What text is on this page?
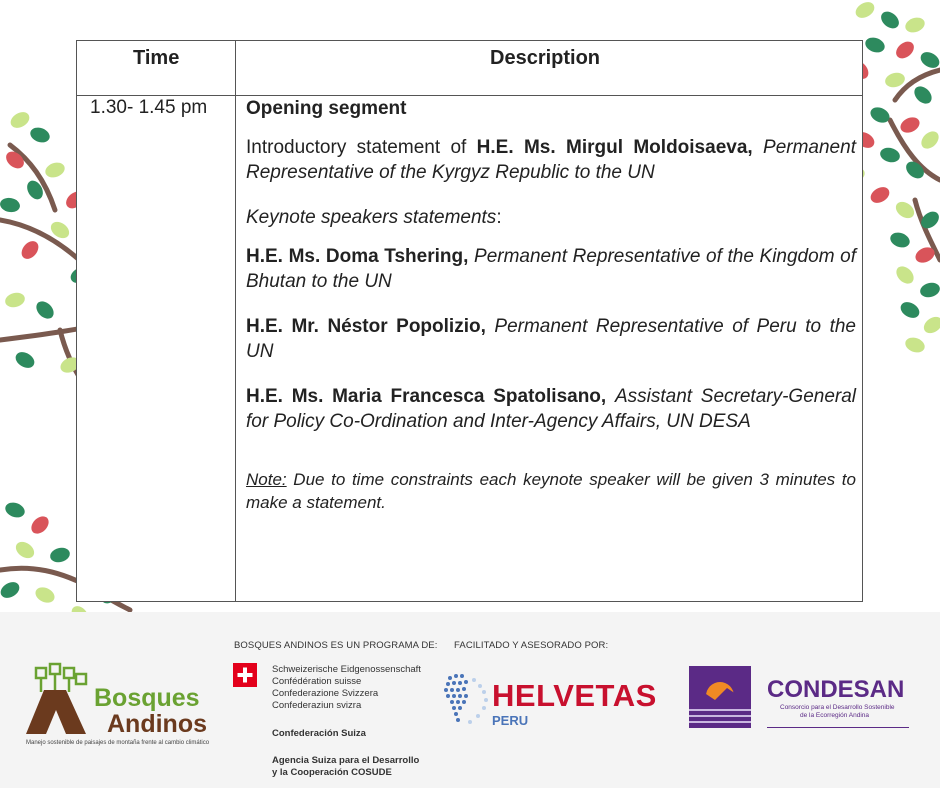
Time	Description
1.30- 1.45 pm Opening segment

Introductory statement of H.E. Ms. Mirgul Moldoisaeva, Permanent Representative of the Kyrgyz Republic to the UN

Keynote speakers statements:

H.E. Ms. Doma Tshering, Permanent Representative of the Kingdom of Bhutan to the UN

H.E. Mr. Néstor Popolizio, Permanent Representative of Peru to the UN

H.E. Ms. Maria Francesca Spatolisano, Assistant Secretary-General for Policy Co-Ordination and Inter-Agency Affairs, UN DESA

Note: Due to time constraints each keynote speaker will be given 3 minutes to make a statement.

Bosques
Andinos
Manejo sostenible de paisajes de montaña frente al cambio climático
BOSQUES ANDINOS ES UN PROGRAMA DE: FACILITADO Y ASESORADO POR:
Schweizerische Eidgenossenschaft
Confédération suisse
Confederazione Svizzera
Confederaziun svizra
Confederación Suiza
Agencia Suiza para el Desarrollo
y la Cooperación COSUDE
HELVETAS
PERU
CONDESAN
Consorcio para el Desarrollo Sostenible
de la Ecorregión Andina
